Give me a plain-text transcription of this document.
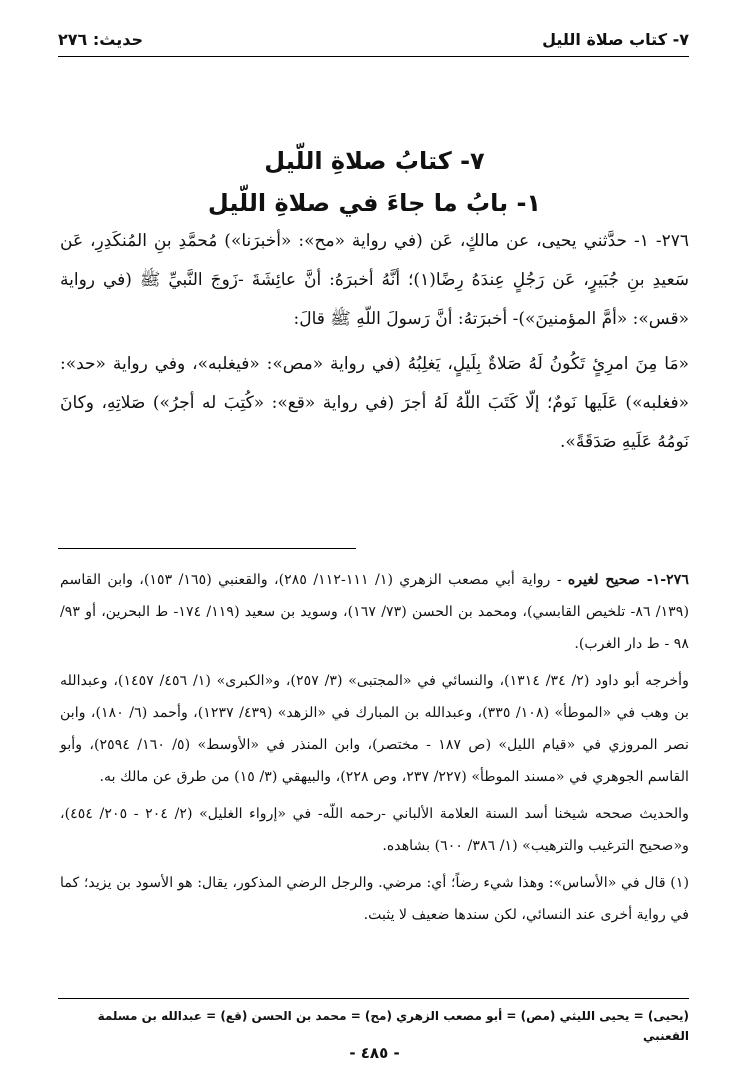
٧- كتاب صلاة الليل
حديث: ٢٧٦
٧- كتابُ صلاةِ اللّيل
١- بابُ ما جاءَ في صلاةِ اللّيل

٢٧٦- ١- حدَّثني يحيى، عن مالكٍ، عَن (في رواية «مح»: «أخبرَنا») مُحمَّدِ بنِ المُنكَدِرِ، عَن سَعيدِ بنِ جُبَيرٍ، عَن رَجُلٍ عِندَهُ رِضًا(١)؛ أنَّهُ أخبرَهُ: أنَّ عائِشَةَ -زَوجَ النَّبيِّ ﷺ (في رواية «قس»: «أمَّ المؤمنينَ»)- أخبرَتهُ: أنَّ رَسولَ اللّهِ ﷺ قالَ:

«مَا مِنَ امرِئٍ تَكُونُ لَهُ صَلاةٌ بِلَيلٍ، يَغلِبُهُ (في رواية «مص»: «فيغلبه»، وفي رواية «حد»: «فغلبه») عَلَيها نَومٌ؛ إلّا كَتَبَ اللّهُ لَهُ أجرَ (في رواية «قع»: «كُتِبَ له أجرُ») صَلاتِهِ، وكانَ نَومُهُ عَلَيهِ صَدَقَةً».

٢٧٦-١- صحيح لغيره - رواية أبي مصعب الزهري (١/ ١١١-١١٢/ ٢٨٥)، والقعنبي (١٦٥/ ١٥٣)، وابن القاسم (١٣٩/ ٨٦- تلخيص القابسي)، ومحمد بن الحسن (٧٣/ ١٦٧)، وسويد بن سعيد (١١٩/ ١٧٤- ط البحرين، أو ٩٣/ ٩٨ - ط دار الغرب).

وأخرجه أبو داود (٢/ ٣٤/ ١٣١٤)، والنسائي في «المجتبى» (٣/ ٢٥٧)، و«الكبرى» (١/ ٤٥٦/ ١٤٥٧)، وعبدالله بن وهب في «الموطأ» (١٠٨/ ٣٣٥)، وعبدالله بن المبارك في «الزهد» (٤٣٩/ ١٢٣٧)، وأحمد (٦/ ١٨٠)، وابن نصر المروزي في «قيام الليل» (ص ١٨٧ - مختصر)، وابن المنذر في «الأوسط» (٥/ ١٦٠/ ٢٥٩٤)، وأبو القاسم الجوهري في «مسند الموطأ» (٢٢٧/ ٢٣٧، وص ٢٢٨)، والبيهقي (٣/ ١٥) من طرق عن مالك به.

والحديث صححه شيخنا أسد السنة العلامة الألباني -رحمه اللّه- في «إرواء الغليل» (٢/ ٢٠٤ - ٢٠٥/ ٤٥٤)، و«صحيح الترغيب والترهيب» (١/ ٣٨٦/ ٦٠٠) بشاهده.

(١) قال في «الأساس»: وهذا شيء رضاً؛ أي: مرضي. والرجل الرضي المذكور، يقال: هو الأسود بن يزيد؛ كما في رواية أخرى عند النسائي، لكن سندها ضعيف لا يثبت.

(يحيى) = يحيى الليثي (مص) = أبو مصعب الزهري (مح) = محمد بن الحسن (قع) = عبدالله بن مسلمة القعنبي
- ٤٨٥ -
